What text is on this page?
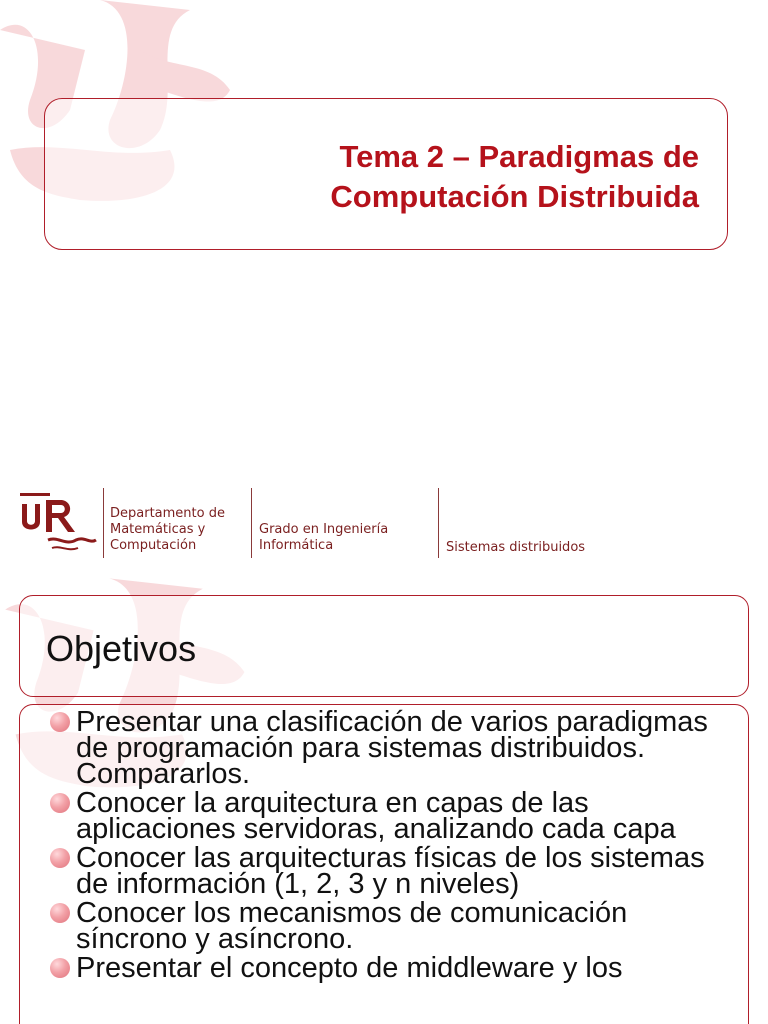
Tema 2 – Paradigmas de
Computación Distribuida
Departamento de
Matemáticas y
Computación
Grado en Ingeniería
Informática	Sistemas distribuidos
Objetivos
Presentar una clasificación de varios paradigmas de programación para sistemas distribuidos. Compararlos.
Conocer la arquitectura en capas de las aplicaciones servidoras, analizando cada capa
Conocer las arquitecturas físicas de los sistemas de información (1, 2, 3 y n niveles)
Conocer los mecanismos de comunicación síncrono y asíncrono.
Presentar el concepto de middleware y los
